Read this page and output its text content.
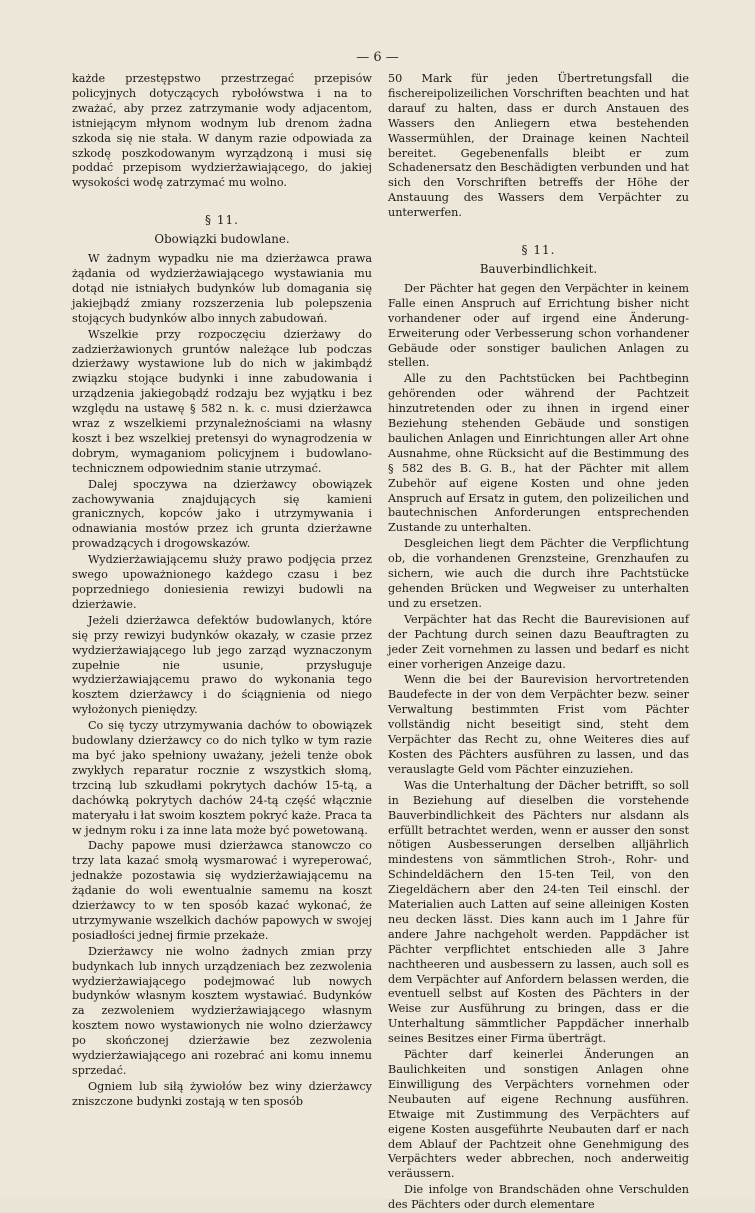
— 6 —

każde przestępstwo przestrzegać przepisów policyjnych dotyczących rybołówstwa i na to zważać, aby przez zatrzymanie wody adjacentom, istniejącym młynom wodnym lub drenom żadna szkoda się nie stała. W danym razie odpowiada za szkodę poszkodowanym wyrządzoną i musi się poddać przepisom wydzierżawiającego, do jakiej wysokości wodę zatrzymać mu wolno.

§ 11.
Obowiązki budowlane.

W żadnym wypadku nie ma dzierżawca prawa żądania od wydzierżawiającego wystawiania mu dotąd nie istniałych budynków lub domagania się jakiejbądź zmiany rozszerzenia lub polepszenia stojących budynków albo innych zabudowań.

Wszelkie przy rozpoczęciu dzierżawy do zadzierżawionych gruntów należące lub podczas dzierżawy wystawione lub do nich w jakimbądź związku stojące budynki i inne zabudowania i urządzenia jakiegobądź rodzaju bez wyjątku i bez względu na ustawę § 582 n. k. c. musi dzierżawca wraz z wszelkiemi przynależnościami na własny koszt i bez wszelkiej pretensyi do wynagrodzenia w dobrym, wymaganiom policyjnem i budowlano-technicznem odpowiednim stanie utrzymać.

Dalej spoczywa na dzierżawcy obowiązek zachowywania znajdujących się kamieni granicznych, kopców jako i utrzymywania i odnawiania mostów przez ich grunta dzierżawne prowadzących i drogowskazów.

Wydzierżawiającemu służy prawo podjęcia przez swego upoważnionego każdego czasu i bez poprzedniego doniesienia rewizyi budowli na dzierżawie.

Jeżeli dzierżawca defektów budowlanych, które się przy rewizyi budynków okazały, w czasie przez wydzierżawiającego lub jego zarząd wyznaczonym zupełnie nie usunie, przysługuje wydzierżawiającemu prawo do wykonania tego kosztem dzierżawcy i do ściągnienia od niego wyłożonych pieniędzy.

Co się tyczy utrzymywania dachów to obowiązek budowlany dzierżawcy co do nich tylko w tym razie ma być jako spełniony uważany, jeżeli tenże obok zwykłych reparatur rocznie z wszystkich słomą, trzciną lub szkudłami pokrytych dachów 15-tą, a dachówką pokrytych dachów 24-tą część włącznie materyału i łat swoim kosztem pokryć każe. Praca ta w jednym roku i za inne lata może być powetowaną.

Dachy papowe musi dzierżawca stanowczo co trzy lata kazać smołą wysmarować i wyreperować, jednakże pozostawia się wydzierżawiającemu na żądanie do woli ewentualnie samemu na koszt dzierżawcy to w ten sposób kazać wykonać, że utrzymywanie wszelkich dachów papowych w swojej posiadłości jednej firmie przekaże.

Dzierżawcy nie wolno żadnych zmian przy budynkach lub innych urządzeniach bez zezwolenia wydzierżawiającego podejmować lub nowych budynków własnym kosztem wystawiać. Budynków za zezwoleniem wydzierżawiającego własnym kosztem nowo wystawionych nie wolno dzierżawcy po skończonej dzierżawie bez zezwolenia wydzierżawiającego ani rozebrać ani komu innemu sprzedać.

Ogniem lub siłą żywiołów bez winy dzierżawcy zniszczone budynki zostają w ten sposób

50 Mark für jeden Übertretungsfall die fischereipolizeilichen Vorschriften beachten und hat darauf zu halten, dass er durch Anstauen des Wassers den Anliegern etwa bestehenden Wassermühlen, der Drainage keinen Nachteil bereitet. Gegebenenfalls bleibt er zum Schadenersatz den Beschädigten verbunden und hat sich den Vorschriften betreffs der Höhe der Anstauung des Wassers dem Verpächter zu unterwerfen.

§ 11.
Bauverbindlichkeit.

Der Pächter hat gegen den Verpächter in keinem Falle einen Anspruch auf Errichtung bisher nicht vorhandener oder auf irgend eine Änderung-Erweiterung oder Verbesserung schon vorhandener Gebäude oder sonstiger baulichen Anlagen zu stellen.

Alle zu den Pachtstücken bei Pachtbeginn gehörenden oder während der Pachtzeit hinzutretenden oder zu ihnen in irgend einer Beziehung stehenden Gebäude und sonstigen baulichen Anlagen und Einrichtungen aller Art ohne Ausnahme, ohne Rücksicht auf die Bestimmung des § 582 des B. G. B., hat der Pächter mit allem Zubehör auf eigene Kosten und ohne jeden Anspruch auf Ersatz in gutem, den polizeilichen und bautechnischen Anforderungen entsprechenden Zustande zu unterhalten.

Desgleichen liegt dem Pächter die Verpflichtung ob, die vorhandenen Grenzsteine, Grenzhaufen zu sichern, wie auch die durch ihre Pachtstücke gehenden Brücken und Wegweiser zu unterhalten und zu ersetzen.

Verpächter hat das Recht die Baurevisionen auf der Pachtung durch seinen dazu Beauftragten zu jeder Zeit vornehmen zu lassen und bedarf es nicht einer vorherigen Anzeige dazu.

Wenn die bei der Baurevision hervortretenden Baudefecte in der von dem Verpächter bezw. seiner Verwaltung bestimmten Frist vom Pächter vollständig nicht beseitigt sind, steht dem Verpächter das Recht zu, ohne Weiteres dies auf Kosten des Pächters ausführen zu lassen, und das verauslagte Geld vom Pächter einzuziehen.

Was die Unterhaltung der Dächer betrifft, so soll in Beziehung auf dieselben die vorstehende Bauverbindlichkeit des Pächters nur alsdann als erfüllt betrachtet werden, wenn er ausser den sonst nötigen Ausbesserungen derselben alljährlich mindestens von sämmtlichen Stroh-, Rohr- und Schindeldächern den 15-ten Teil, von den Ziegeldächern aber den 24-ten Teil einschl. der Materialien auch Latten auf seine alleinigen Kosten neu decken lässt. Dies kann auch im 1 Jahre für andere Jahre nachgeholt werden. Pappdächer ist Pächter verpflichtet entschieden alle 3 Jahre nachtheeren und ausbessern zu lassen, auch soll es dem Verpächter auf Anfordern belassen werden, die eventuell selbst auf Kosten des Pächters in der Weise zur Ausführung zu bringen, dass er die Unterhaltung sämmtlicher Pappdächer innerhalb seines Besitzes einer Firma überträgt.

Pächter darf keinerlei Änderungen an Baulichkeiten und sonstigen Anlagen ohne Einwilligung des Verpächters vornehmen oder Neubauten auf eigene Rechnung ausführen. Etwaige mit Zustimmung des Verpächters auf eigene Kosten ausgeführte Neubauten darf er nach dem Ablauf der Pachtzeit ohne Genehmigung des Verpächters weder abbrechen, noch anderweitig veräussern.

Die infolge von Brandschäden ohne Verschulden des Pächters oder durch elementare
